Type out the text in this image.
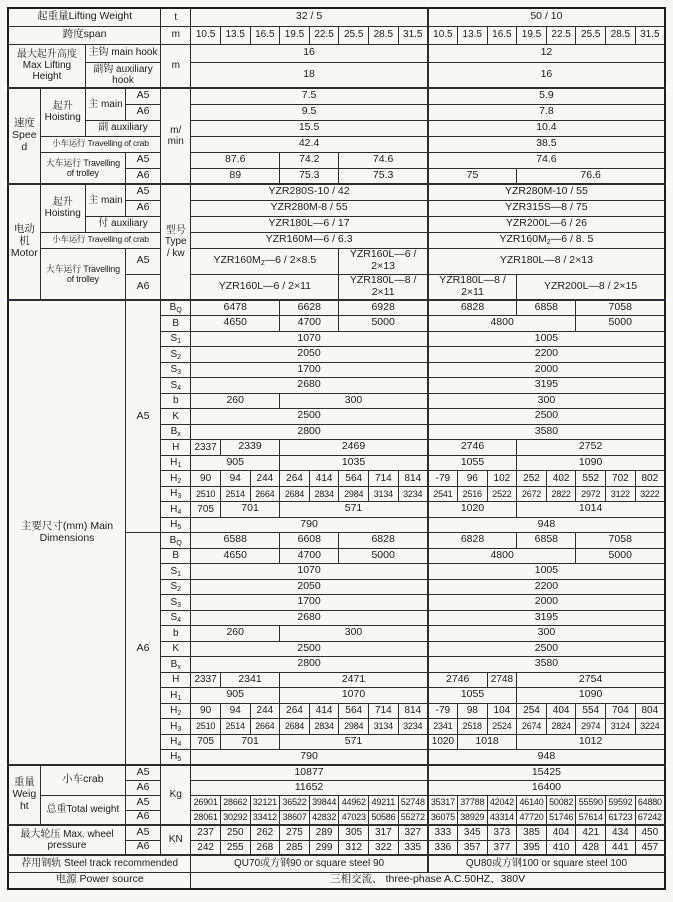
起重量Lifting Weight				t	32 / 5								50 / 10							
跨度span				m	10.5	13.5	16.5	19.5	22.5	25.5	28.5	31.5	10.5	13.5	16.5	19.5	22.5	25.5	28.5	31.5
最大起升高度 Max Lifting Height		主钩 main hook		m	16								12							
		副钩 auxiliary hook			18								16							
速度Speed	起升Hoisting	主 main	A5	m/ min	7.5								5.9							
			A6		9.5								7.8							
		副 auxiliary			15.5								10.4							
	小车运行 Travelling of crab				42.4								38.5							
	大车运行 Travelling of trolley		A5		87.6			74.2		74.6			74.6							
			A6		89			75.3		75.3			75			76.6				
电动机 Motor	起升Hoisting	主 main	A5	型号Type / kw	YZR280S-10 / 42								YZR280M-10 / 55							
			A6		YZR280M-8 / 55								YZR315S—8 / 75							
		付 auxiliary			YZR180L—6 / 17								YZR200L—6 / 26							
	小车运行 Travelling of crab				YZR160M—6 / 6.3								$YZR160M_2—6 / 8$. 5							
	大车运行 Travelling of trolley		A5		$YZR160M_2—6 / 2\times 8.5$					YZR160L—6 / 2×13			YZR180L—8 / 2×13							
			A6		YZR160L—6 / 2×11					YZR180L—8 / 2×11			YZR180L—8 / 2×11			YZR200L—8 / 2×15				
主要尺寸(mm) Main Dimensions			A5	$B_Q$	6478			6628		6928			6828			6858		7058		
				B	4650			4700		5000			4800					5000		
				$S_1$	1070								1005							
				$S_2$	2050								2200							
				$S_3$	1700								2000							
				$S_4$	2680								3195							
				b	260			300					300							
				K	2500								2500							
				$B_x$	2800								3580							
				H	2337	2339		2469					2746			2752				
				$H_1$	905			1035					1055			1090				
				$H_2$	90	94	244	264	414	564	714	814	-79	96	102	252	402	552	702	802
				$H_3$	2510	2514	2664	2684	2834	2984	3134	3234	2541	2516	2522	2672	2822	2972	3122	3222
				$H_4$	705	701		571					1020			1014				
				$H_5$	790								948							
			A6	$B_Q$	6588			6608		6828			6828			6858		7058		
				B	4650			4700		5000			4800					5000		
				$S_1$	1070								1005							
				$S_2$	2050								2200							
				$S_3$	1700								2000							
				$S_4$	2680								3195							
				b	260			300					300							
				K	2500								2500							
				$B_x$	2800								3580							
				H	2337	2341		2471					2746		2748	2754				
				$H_1$	905			1070					1055			1090				
				$H_2$	90	94	244	264	414	564	714	814	-79	98	104	254	404	554	704	804
				$H_3$	2510	2514	2664	2684	2834	2984	3134	3234	2341	2518	2524	2674	2824	2974	3124	3224
				$H_4$	705	701		571					1020	1018		1012				
				$H_5$	790								948							
重量 Weight	小车crab		A5	Kg	10877								15425							
			A6		11652								16400							
	总重Total weight		A5		26901	28662	32121	36522	39844	44962	49211	52748	35317	37788	42042	46140	50082	55590	59592	64880
			A6		28061	30292	33412	38607	42832	47023	50586	55272	36075	38929	43314	47720	51746	57614	61723	67242
最大轮压 Max. wheel pressure			A5	KN	237	250	262	275	289	305	317	327	333	345	373	385	404	421	434	450
			A6		242	255	268	285	299	312	322	335	336	357	377	395	410	428	441	457
荐用钢轨 Steel track recommended					QU70或方钢90 or square steel 90								QU80或方钢100 or square steel 100							
电源 Power source					三相交流、 three-phase A.C.50HZ、380V															
